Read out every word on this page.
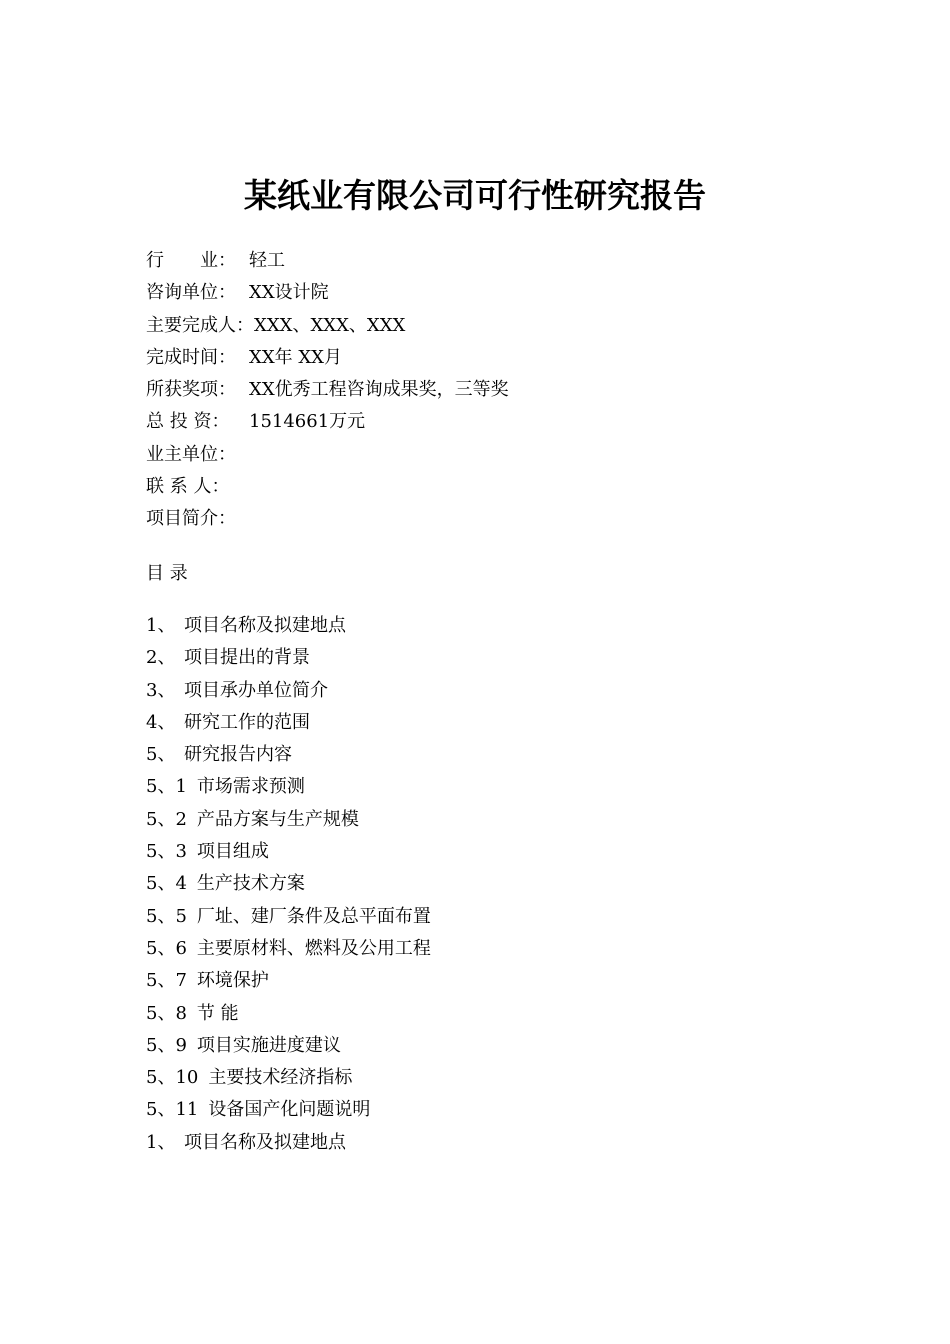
某纸业有限公司可行性研究报告
行　　业： 轻工
咨询单位： XX设计院
主要完成人： XXX、XXX、XXX
完成时间： XX年 XX月
所获奖项： XX优秀工程咨询成果奖，三等奖
总 投 资：	1514661万元
业主单位：
联 系 人：
项目简介：
目 录
1、 项目名称及拟建地点
2、 项目提出的背景
3、 项目承办单位简介
4、 研究工作的范围
5、 研究报告内容
5、1 市场需求预测
5、2 产品方案与生产规模
5、3 项目组成
5、4 生产技术方案
5、5 厂址、建厂条件及总平面布置
5、6 主要原材料、燃料及公用工程
5、7 环境保护
5、8 节 能
5、9 项目实施进度建议
5、10 主要技术经济指标
5、11 设备国产化问题说明
1、 项目名称及拟建地点
